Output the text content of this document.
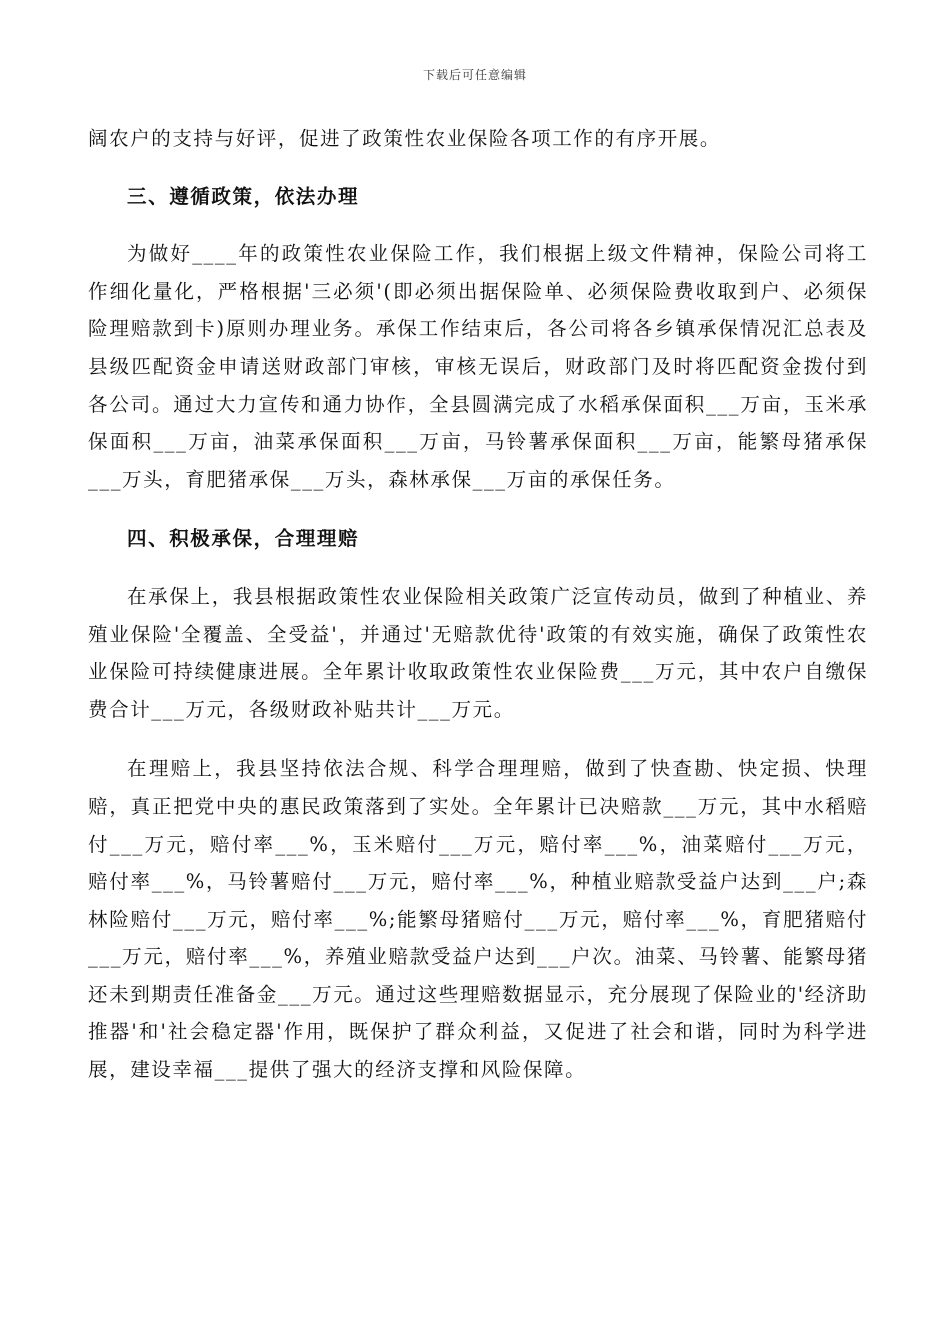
下载后可任意编辑

阔农户的支持与好评，促进了政策性农业保险各项工作的有序开展。

三、遵循政策，依法办理

为做好____年的政策性农业保险工作，我们根据上级文件精神，保险公司将工作细化量化，严格根据'三必须'(即必须出据保险单、必须保险费收取到户、必须保险理赔款到卡)原则办理业务。承保工作结束后，各公司将各乡镇承保情况汇总表及县级匹配资金申请送财政部门审核，审核无误后，财政部门及时将匹配资金拨付到各公司。通过大力宣传和通力协作，全县圆满完成了水稻承保面积___万亩，玉米承保面积___万亩，油菜承保面积___万亩，马铃薯承保面积___万亩，能繁母猪承保___万头，育肥猪承保___万头，森林承保___万亩的承保任务。

四、积极承保，合理理赔

在承保上，我县根据政策性农业保险相关政策广泛宣传动员，做到了种植业、养殖业保险'全覆盖、全受益'，并通过'无赔款优待'政策的有效实施，确保了政策性农业保险可持续健康进展。全年累计收取政策性农业保险费___万元，其中农户自缴保费合计___万元，各级财政补贴共计___万元。

在理赔上，我县坚持依法合规、科学合理理赔，做到了快查勘、快定损、快理赔，真正把党中央的惠民政策落到了实处。全年累计已决赔款___万元，其中水稻赔付___万元，赔付率___%，玉米赔付___万元，赔付率___%，油菜赔付___万元，赔付率___%，马铃薯赔付___万元，赔付率___%，种植业赔款受益户达到___户;森林险赔付___万元，赔付率___%;能繁母猪赔付___万元，赔付率___%，育肥猪赔付___万元，赔付率___%，养殖业赔款受益户达到___户次。油菜、马铃薯、能繁母猪还未到期责任准备金___万元。通过这些理赔数据显示，充分展现了保险业的'经济助推器'和'社会稳定器'作用，既保护了群众利益，又促进了社会和谐，同时为科学进展，建设幸福___提供了强大的经济支撑和风险保障。
